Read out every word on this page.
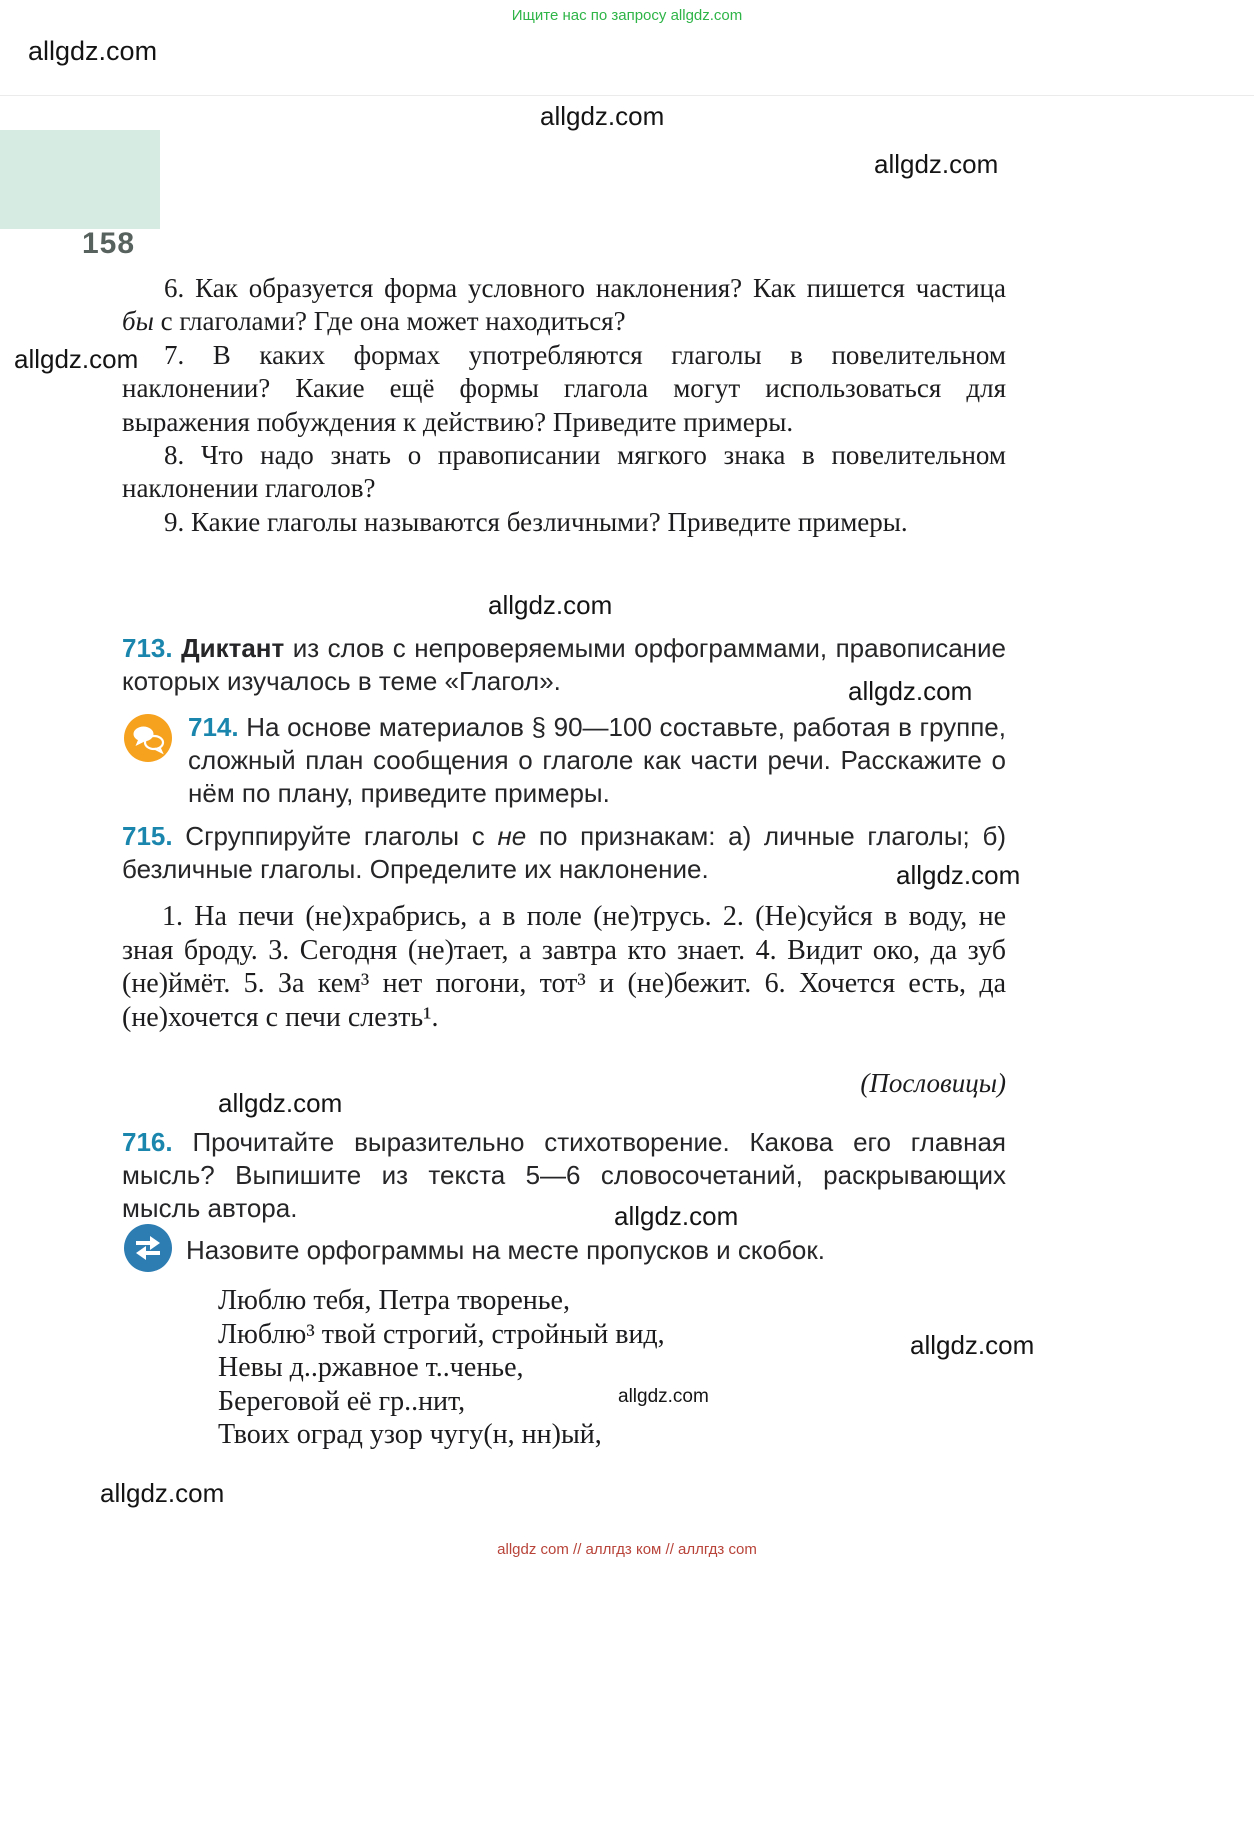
Ищите нас по запросу allgdz.com
allgdz.com
allgdz.com
allgdz.com
allgdz.com
allgdz.com
allgdz.com
allgdz.com
allgdz.com
allgdz.com
allgdz.com
allgdz.com
allgdz.com
158

6. Как образуется форма условного наклонения? Как пишется частица бы с глаголами? Где она может находиться?

7. В каких формах употребляются глаголы в повелительном наклонении? Какие ещё формы глагола могут использоваться для выражения побуждения к действию? Приведите примеры.

8. Что надо знать о правописании мягкого знака в повелительном наклонении глаголов?

9. Какие глаголы называются безличными? Приведите примеры.

713. Диктант из слов с непроверяемыми орфограммами, правописание которых изучалось в теме «Глагол».

714. На основе материалов § 90—100 составьте, работая в группе, сложный план сообщения о глаголе как части речи. Расскажите о нём по плану, приведите примеры.

715. Сгруппируйте глаголы с не по признакам: а) личные глаголы; б) безличные глаголы. Определите их наклонение.

1. На печи (не)храбрись, а в поле (не)трусь. 2. (Не)суйся в воду, не зная броду. 3. Сегодня (не)тает, а завтра кто знает. 4. Видит око, да зуб (не)ймёт. 5. За кем³ нет погони, тот³ и (не)бежит. 6. Хочется есть, да (не)хочется с печи слезть¹.

(Пословицы)

716. Прочитайте выразительно стихотворение. Какова его главная мысль? Выпишите из текста 5—6 словосочетаний, раскрывающих мысль автора.

Назовите орфограммы на месте пропусков и скобок.

Люблю тебя, Петра творенье,
Люблю³ твой строгий, стройный вид,
Невы д..ржавное т..ченье,
Береговой её гр..нит,
Твоих оград узор чугу(н, нн)ый,
allgdz com // аллгдз ком // аллгдз com
